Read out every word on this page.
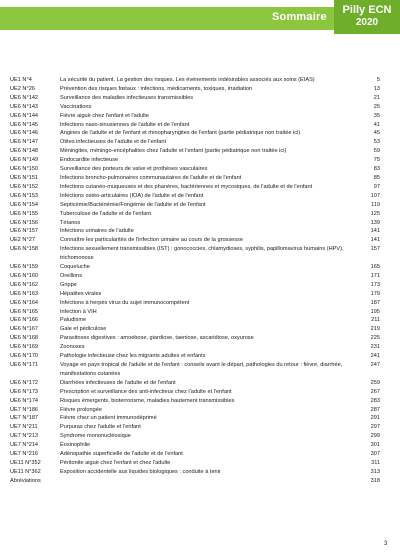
Sommaire
Pilly ECN
2020
UE1 N°4	La sécurité du patient. La gestion des risques. Les événements indésirables associés aux soins (EIAS)	5
UE2 N°26	Prévention des risques fœtaux : infections, médicaments, toxiques, irradiation	13
UE6 N°142	Surveillance des maladies infectieuses transmissibles	21
UE6 N°143	Vaccinations	25
UE6 N°144	Fièvre aiguë chez l'enfant et l'adulte	35
UE6 N°145	Infections naso-sinusiennes de l'adulte et de l'enfant	41
UE6 N°146	Angines de l'adulte et de l'enfant et rhinopharyngites de l'enfant (partie pédiatrique non traitée ici)	45
UE6 N°147	Otites infectieuses de l'adulte et de l'enfant	53
UE6 N°148	Méningites, méningo-encéphalites chez l'adulte et l'enfant (partie pédiatrique non traitée ici)	59
UE6 N°149	Endocardite infectieuse	75
UE6 N°150	Surveillance des porteurs de valve et prothèses vasculaires	83
UE6 N°151	Infections broncho-pulmonaires communautaires de l'adulte et de l'enfant	85
UE6 N°152	Infections cutanéo-muqueuses et des phanères, bactériennes et mycosiques, de l'adulte et de l'enfant	97
UE6 N°153	Infections ostéo-articulaires (IOA) de l'adulte et de l'enfant	107
UE6 N°154	Septicémie/Bactériémie/Fongémie de l'adulte et de l'enfant	119
UE6 N°155	Tuberculose de l'adulte et de l'enfant	125
UE6 N°156	Tétanos	139
UE6 N°157	Infections urinaires de l'adulte	141
UE2 N°27	Connaître les particularités de l'infection urinaire au cours de la grossesse	141
UE6 N°158	Infections sexuellement transmissibles (IST) : gonococcies, chlamydioses, syphilis, papillomavirus humains (HPV), trichomonose
157
UE6 N°159	Coqueluche	165
UE6 N°160	Oreillons	171
UE6 N°162	Grippe	173
UE6 N°163	Hépatites virales	179
UE6 N°164	Infections à herpès virus du sujet immunocompétent	187
UE6 N°165	Infection à VIH	195
UE6 N°166	Paludisme	211
UE6 N°167	Gale et pédiculose	219
UE6 N°168	Parasitoses digestives : amoebose, giardiose, taeniose, ascaridiose, oxyurose	225
UE6 N°169	Zoonoses	231
UE6 N°170	Pathologie infectieuse chez les migrants adultes et enfants	241
UE6 N°171	Voyage en pays tropical de l'adulte et de l'enfant : conseils avant le départ, pathologies du retour : fièvre, diarrhée, manifestations cutanées
247
UE6 N°172	Diarrhées infectieuses de l'adulte et de l'enfant	259
UE6 N°173	Prescription et surveillance des anti-infectieux chez l'adulte et l'enfant	267
UE6 N°174	Risques émergents, bioterrorisme, maladies hautement transmissibles	283
UE7 N°186	Fièvre prolongée	287
UE7 N°187	Fièvre chez un patient immunodéprimé	291
UE7 N°211	Purpuras chez l'adulte et l'enfant	297
UE7 N°213	Syndrome mononucléosique	299
UE7 N°214	Éosinophilie	301
UE7 N°216	Adénopathie superficielle de l'adulte et de l'enfant	307
UE11 N°352	Péritonite aiguë chez l'enfant et chez l'adulte	311
UE11 N°362	Exposition accidentelle aux liquides biologiques : conduite à tenir	313
Abréviations	318
3
